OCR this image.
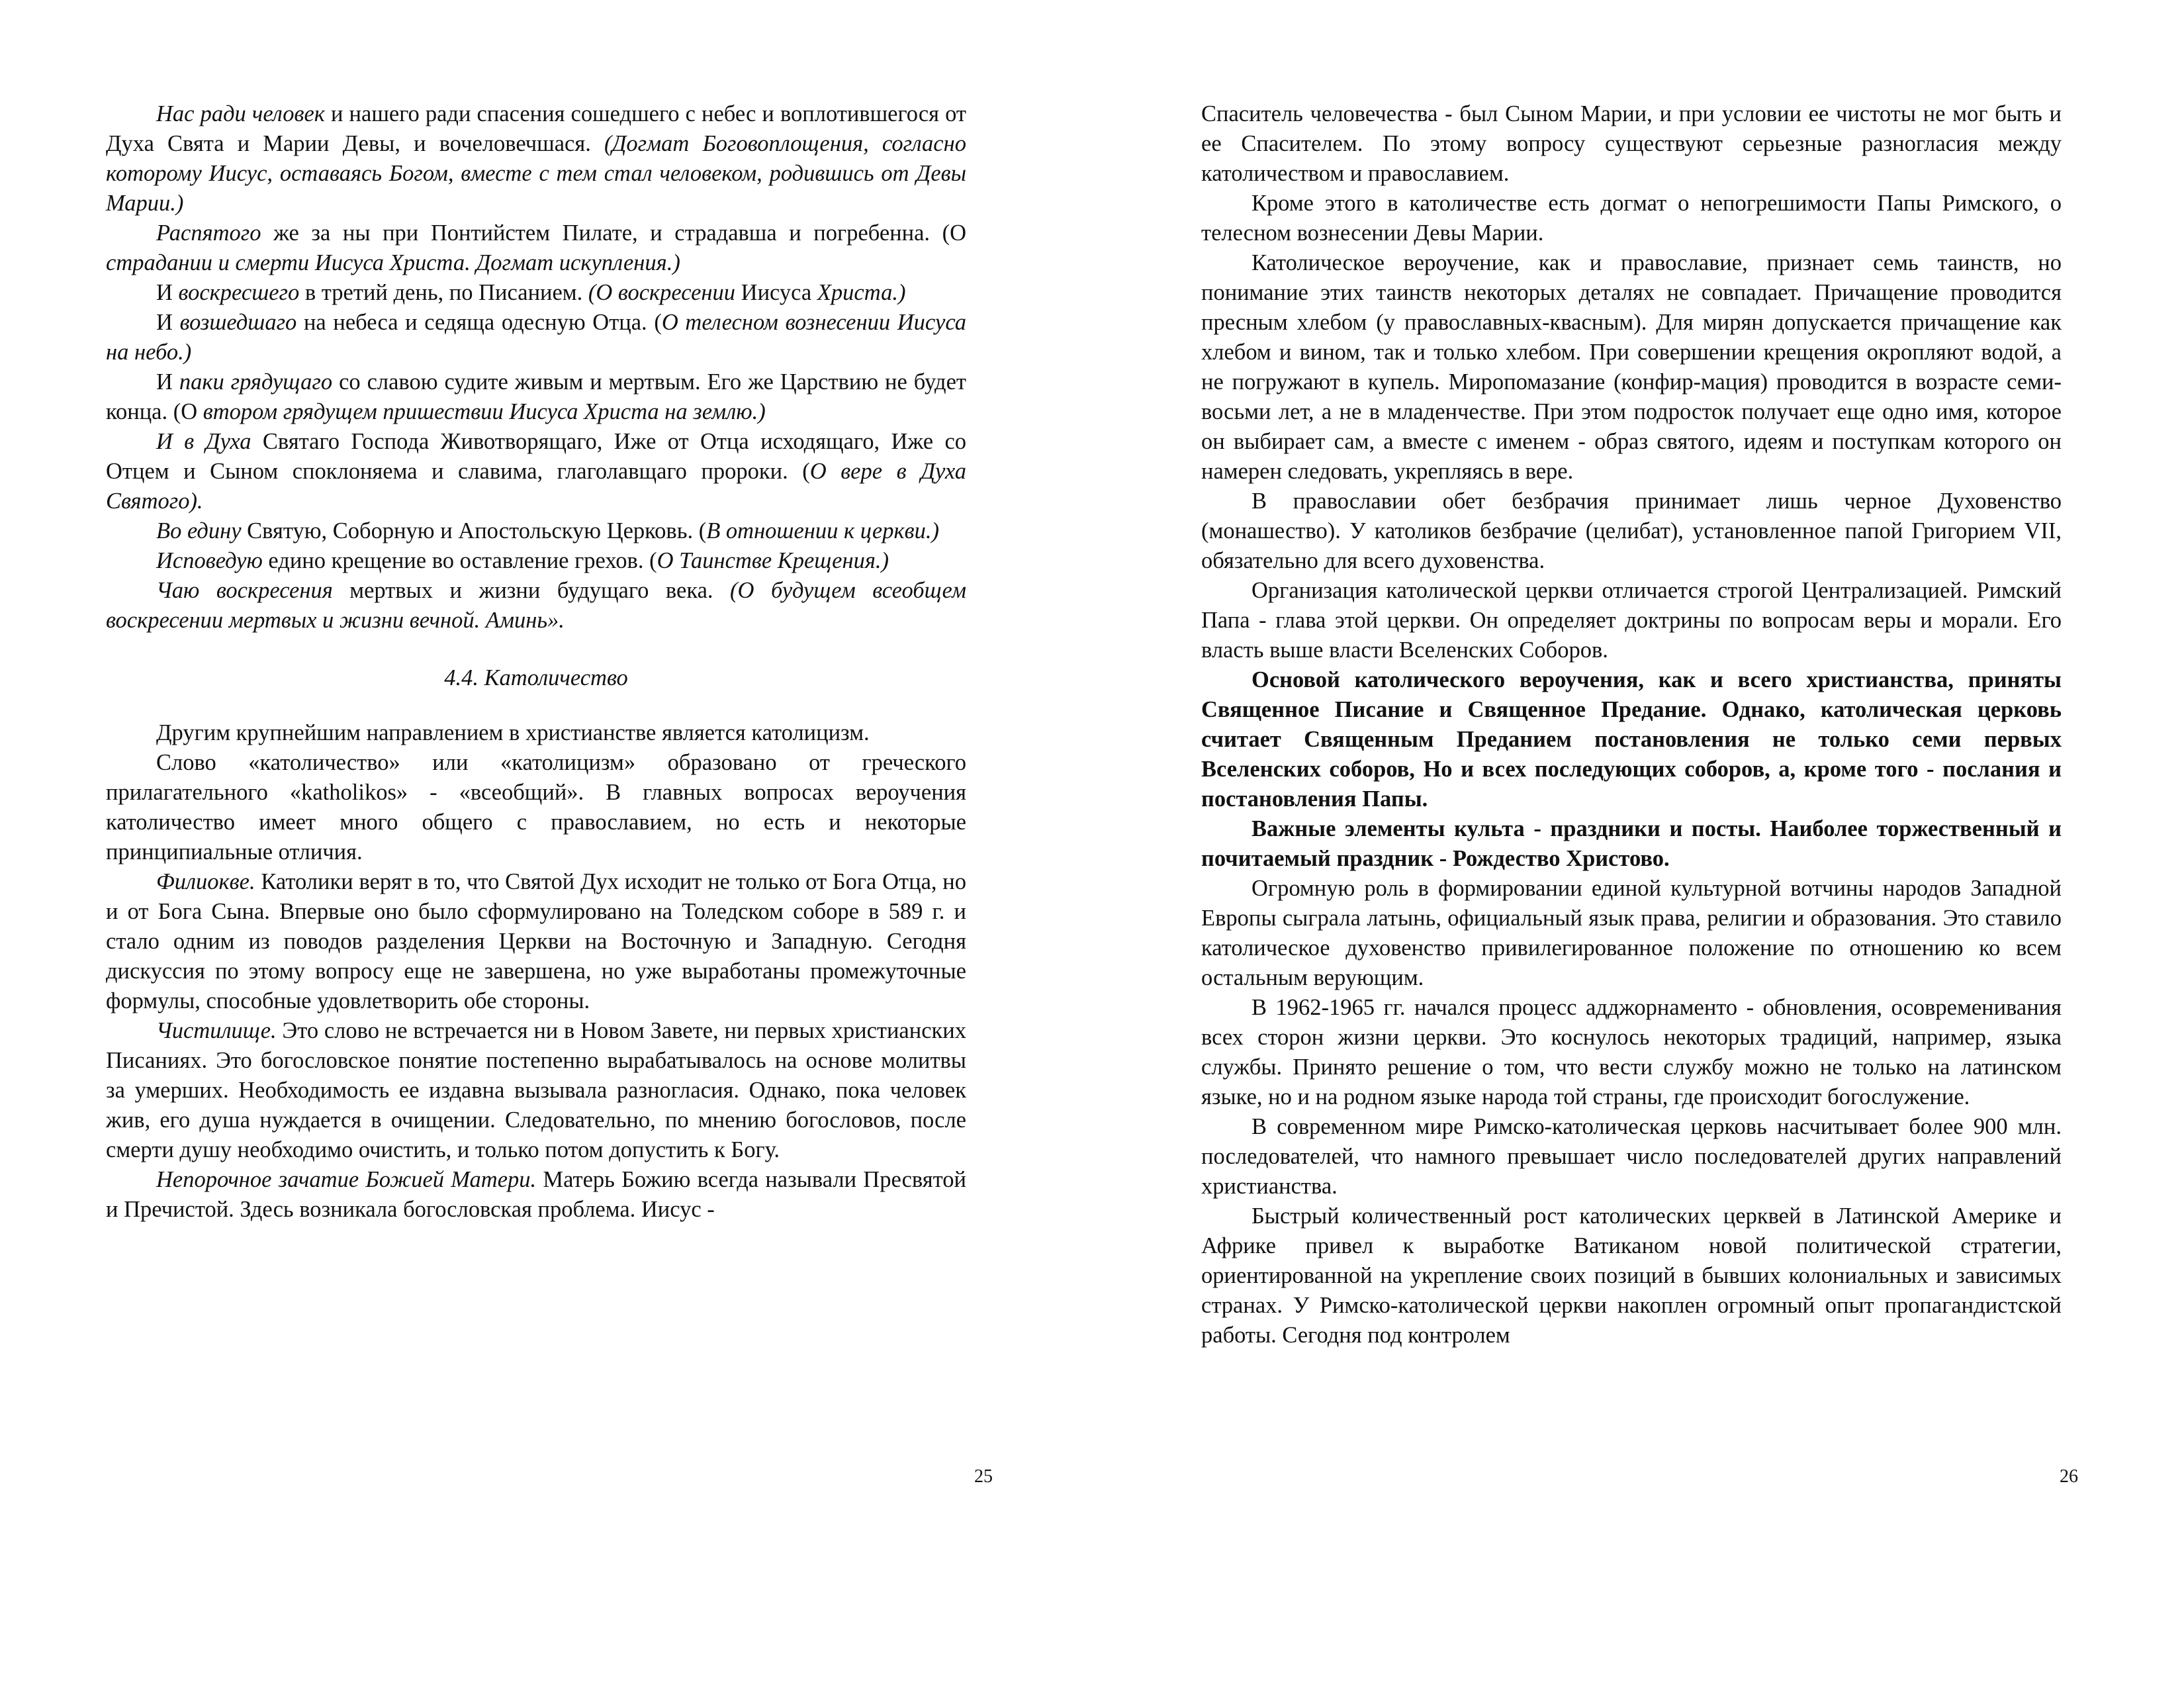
Нас ради человек и нашего ради спасения сошедшего с небес и воплотившегося от Духа Свята и Марии Девы, и вочеловечшася. (Догмат Боговоплощения, согласно которому Иисус, оставаясь Богом, вместе с тем стал человеком, родившись от Девы Марии.)

Распятого же за ны при Понтийстем Пилате, и страдавша и погребенна. (О страдании и смерти Иисуса Христа. Догмат искупления.)

И воскресшего в третий день, по Писанием. (О воскресении Иисуса Христа.)

И возшедшаго на небеса и седяща одесную Отца. (О телесном вознесении Иисуса на небо.)

И паки грядущаго со славою судите живым и мертвым. Его же Царствию не будет конца. (О втором грядущем пришествии Иисуса Христа на землю.)

И в Духа Святаго Господа Животворящаго, Иже от Отца исходящаго, Иже со Отцем и Сыном споклоняема и славима, глаголавщаго пророки. (О вере в Духа Святого).

Во едину Святую, Соборную и Апостольскую Церковь. (В отношении к церкви.)

Исповедую едино крещение во оставление грехов. (О Таинстве Крещения.)

Чаю воскресения мертвых и жизни будущаго века. (О будущем всеобщем воскресении мертвых и жизни вечной. Аминь».

4.4. Католичество

Другим крупнейшим направлением в христианстве является католицизм.

Слово «католичество» или «католицизм» образовано от греческого прилагательного «katholikos» - «всеобщий». В главных вопросах вероучения католичество имеет много общего с православием, но есть и некоторые принципиальные отличия.

Филиокве. Католики верят в то, что Святой Дух исходит не только от Бога Отца, но и от Бога Сына. Впервые оно было сформулировано на Толедском соборе в 589 г. и стало одним из поводов разделения Церкви на Восточную и Западную. Сегодня дискуссия по этому вопросу еще не завершена, но уже выработаны промежуточные формулы, способные удовлетворить обе стороны.

Чистилище. Это слово не встречается ни в Новом Завете, ни первых христианских Писаниях. Это богословское понятие постепенно вырабатывалось на основе молитвы за умерших. Необходимость ее издавна вызывала разногласия. Однако, пока человек жив, его душа нуждается в очищении. Следовательно, по мнению богословов, после смерти душу необходимо очистить, и только потом допустить к Богу.

Непорочное зачатие Божией Матери. Матерь Божию всегда называли Пресвятой и Пречистой. Здесь возникала богословская проблема. Иисус -

25

Спаситель человечества - был Сыном Марии, и при условии ее чистоты не мог быть и ее Спасителем. По этому вопросу существуют серьезные разногласия между католичеством и православием.

Кроме этого в католичестве есть догмат о непогрешимости Папы Римского, о телесном вознесении Девы Марии.

Католическое вероучение, как и православие, признает семь таинств, но понимание этих таинств некоторых деталях не совпадает. Причащение проводится пресным хлебом (у православных-квасным). Для мирян допускается причащение как хлебом и вином, так и только хлебом. При совершении крещения окропляют водой, а не погружают в купель. Миропомазание (конфир-мация) проводится в возрасте семи-восьми лет, а не в младенчестве. При этом подросток получает еще одно имя, которое он выбирает сам, а вместе с именем - образ святого, идеям и поступкам которого он намерен следовать, укрепляясь в вере.

В православии обет безбрачия принимает лишь черное Духовенство (монашество). У католиков безбрачие (целибат), установленное папой Григорием VII, обязательно для всего духовенства.

Организация католической церкви отличается строгой Централизацией. Римский Папа - глава этой церкви. Он определяет доктрины по вопросам веры и морали. Его власть выше власти Вселенских Соборов.

Основой католического вероучения, как и всего христианства, приняты Священное Писание и Священное Предание. Однако, католическая церковь считает Священным Преданием постановления не только семи первых Вселенских соборов, Но и всех последующих соборов, а, кроме того - послания и постановления Папы.

Важные элементы культа - праздники и посты. Наиболее торжественный и почитаемый праздник - Рождество Христово.

Огромную роль в формировании единой культурной вотчины народов Западной Европы сыграла латынь, официальный язык права, религии и образования. Это ставило католическое духовенство привилегированное положение по отношению ко всем остальным верующим.

В 1962-1965 гг. начался процесс адджорнаменто - обновления, осовременивания всех сторон жизни церкви. Это коснулось некоторых традиций, например, языка службы. Принято решение о том, что вести службу можно не только на латинском языке, но и на родном языке народа той страны, где происходит богослужение.

В современном мире Римско-католическая церковь насчитывает более 900 млн. последователей, что намного превышает число последователей других направлений христианства.

Быстрый количественный рост католических церквей в Латинской Америке и Африке привел к выработке Ватиканом новой политической стратегии, ориентированной на укрепление своих позиций в бывших колониальных и зависимых странах. У Римско-католической церкви накоплен огромный опыт пропагандистской работы. Сегодня под контролем

26
